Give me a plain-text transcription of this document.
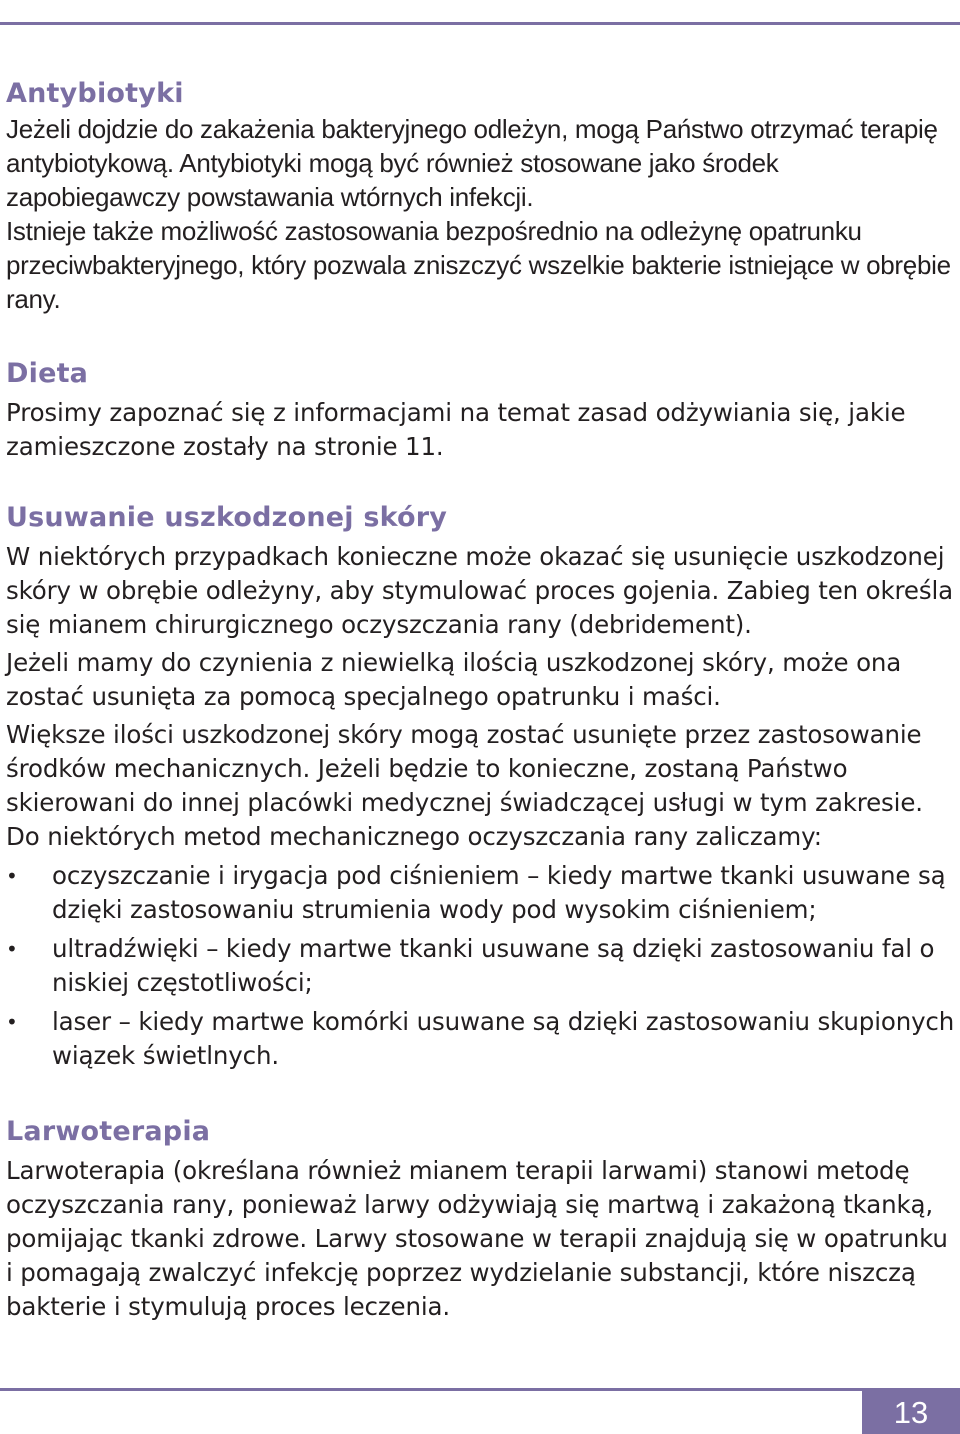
Antybiotyki

Jeżeli dojdzie do zakażenia bakteryjnego odleżyn, mogą Państwo otrzymać terapię antybiotykową. Antybiotyki mogą być również stosowane jako środek zapobiegawczy powstawania wtórnych infekcji.

Istnieje także możliwość zastosowania bezpośrednio na odleżynę opatrunku przeciwbakteryjnego, który pozwala zniszczyć wszelkie bakterie istniejące w obrębie rany.

Dieta

Prosimy zapoznać się z informacjami na temat zasad odżywiania się, jakie zamieszczone zostały na stronie 11.

Usuwanie uszkodzonej skóry

W niektórych przypadkach konieczne może okazać się usunięcie uszkodzonej skóry w obrębie odleżyny, aby stymulować proces gojenia. Zabieg ten określa się mianem chirurgicznego oczyszczania rany (debridement).

Jeżeli mamy do czynienia z niewielką ilością uszkodzonej skóry, może ona zostać usunięta za pomocą specjalnego opatrunku i maści.

Większe ilości uszkodzonej skóry mogą zostać usunięte przez zastosowanie środków mechanicznych. Jeżeli będzie to konieczne, zostaną Państwo skierowani do innej placówki medycznej świadczącej usługi w tym zakresie. Do niektórych metod mechanicznego oczyszczania rany zaliczamy:

• oczyszczanie i irygacja pod ciśnieniem – kiedy martwe tkanki usuwane są dzięki zastosowaniu strumienia wody pod wysokim ciśnieniem;
• ultradźwięki – kiedy martwe tkanki usuwane są dzięki zastosowaniu fal o niskiej częstotliwości;
• laser – kiedy martwe komórki usuwane są dzięki zastosowaniu skupionych wiązek świetlnych.
Larwoterapia

Larwoterapia (określana również mianem terapii larwami) stanowi metodę oczyszczania rany, ponieważ larwy odżywiają się martwą i zakażoną tkanką, pomijając tkanki zdrowe. Larwy stosowane w terapii znajdują się w opatrunku i pomagają zwalczyć infekcję poprzez wydzielanie substancji, które niszczą bakterie i stymulują proces leczenia.

13
